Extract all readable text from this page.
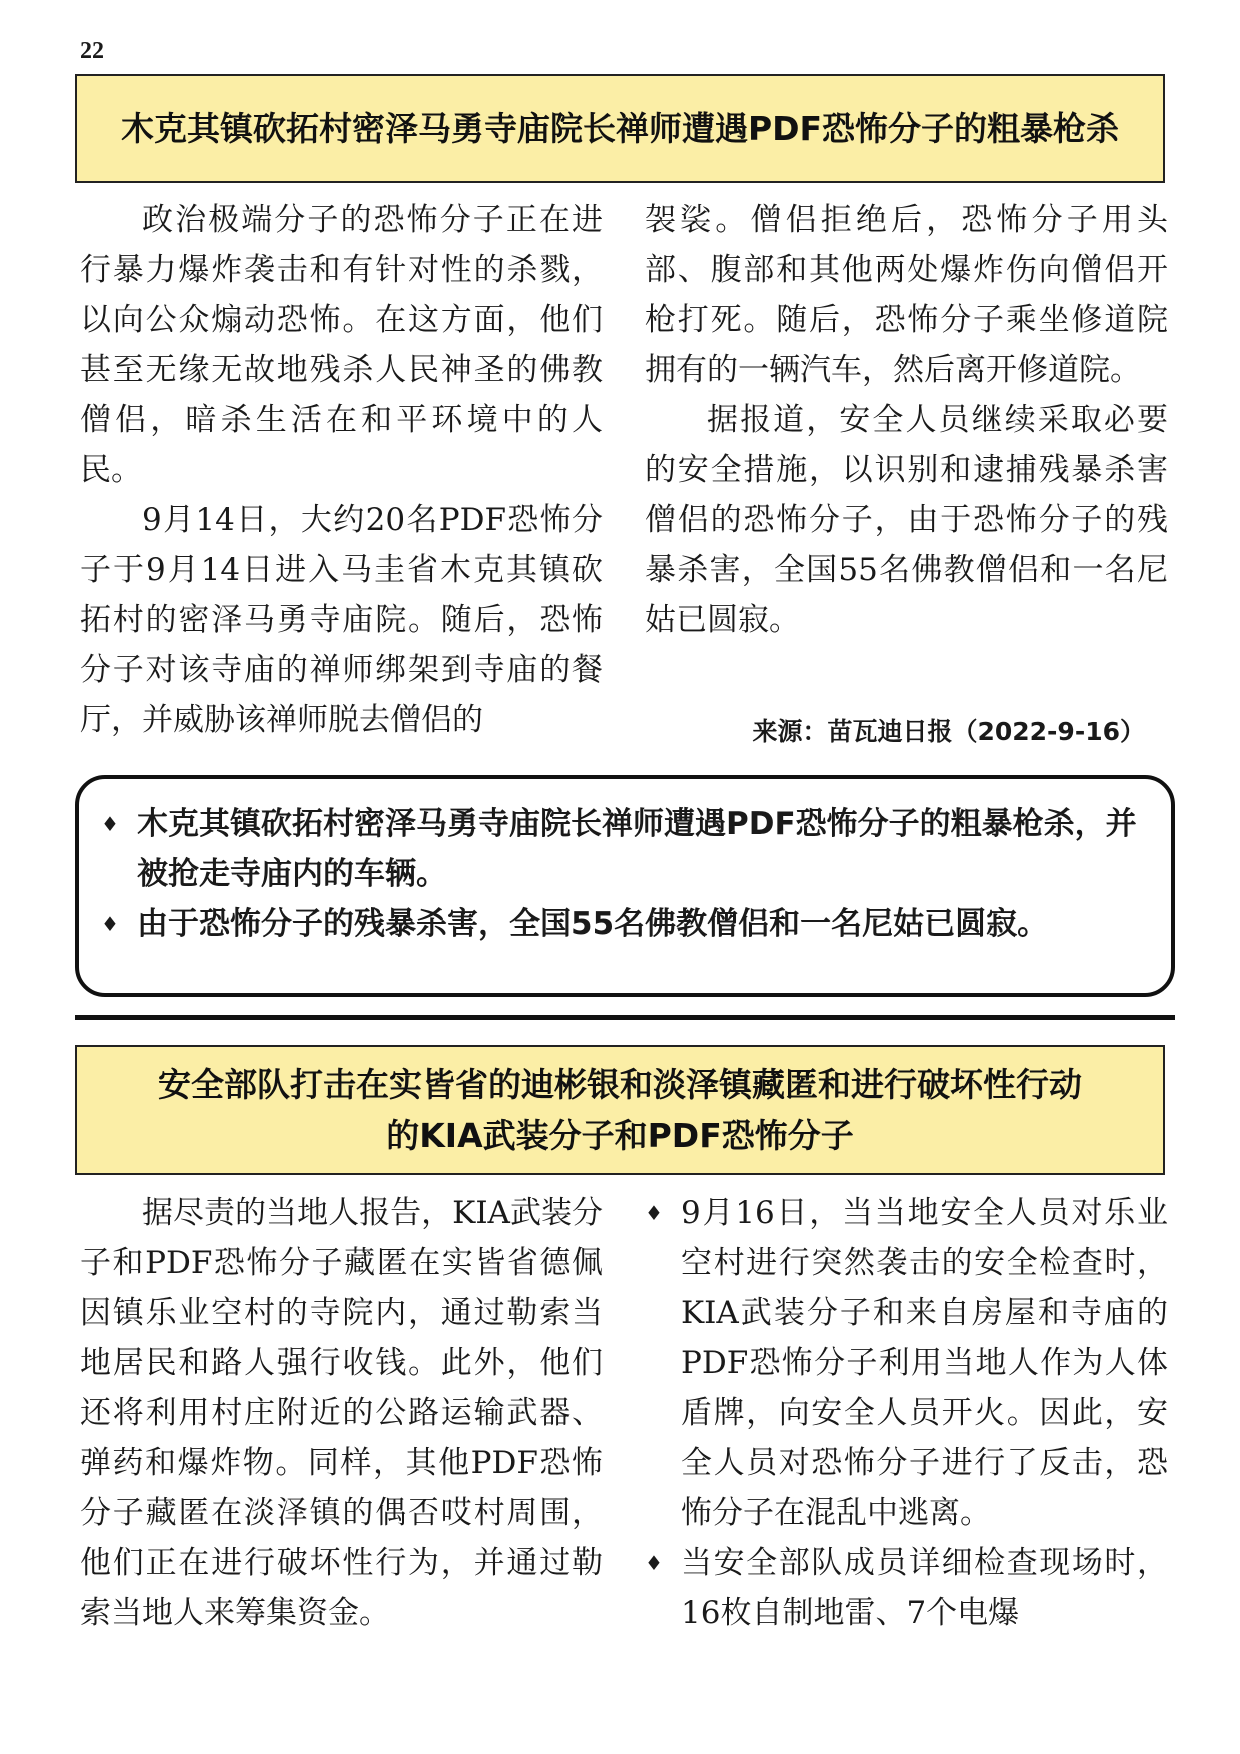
22
木克其镇砍拓村密泽马勇寺庙院长禅师遭遇PDF恐怖分子的粗暴枪杀

政治极端分子的恐怖分子正在进行暴力爆炸袭击和有针对性的杀戮，以向公众煽动恐怖。在这方面，他们甚至无缘无故地残杀人民神圣的佛教僧侣，暗杀生活在和平环境中的人民。

9月14日，大约20名PDF恐怖分子于9月14日进入马圭省木克其镇砍拓村的密泽马勇寺庙院。随后，恐怖分子对该寺庙的禅师绑架到寺庙的餐厅，并威胁该禅师脱去僧侣的

袈裟。僧侣拒绝后，恐怖分子用头部、腹部和其他两处爆炸伤向僧侣开枪打死。随后，恐怖分子乘坐修道院拥有的一辆汽车，然后离开修道院。

据报道，安全人员继续采取必要的安全措施，以识别和逮捕残暴杀害僧侣的恐怖分子，由于恐怖分子的残暴杀害，全国55名佛教僧侣和一名尼姑已圆寂。

来源：苗瓦迪日报（2022-9-16）
♦ 木克其镇砍拓村密泽马勇寺庙院长禅师遭遇PDF恐怖分子的粗暴枪杀，并被抢走寺庙内的车辆。
♦ 由于恐怖分子的残暴杀害，全国55名佛教僧侣和一名尼姑已圆寂。
安全部队打击在实皆省的迪彬银和淡泽镇藏匿和进行破坏性行动
的KIA武装分子和PDF恐怖分子

据尽责的当地人报告，KIA武装分子和PDF恐怖分子藏匿在实皆省德佩因镇乐业空村的寺院内，通过勒索当地居民和路人强行收钱。此外，他们还将利用村庄附近的公路运输武器、弹药和爆炸物。同样，其他PDF恐怖分子藏匿在淡泽镇的偶否哎村周围，他们正在进行破坏性行为，并通过勒索当地人来筹集资金。

♦ 9月16日，当当地安全人员对乐业空村进行突然袭击的安全检查时，KIA武装分子和来自房屋和寺庙的PDF恐怖分子利用当地人作为人体盾牌，向安全人员开火。因此，安全人员对恐怖分子进行了反击，恐怖分子在混乱中逃离。
♦ 当安全部队成员详细检查现场时，16枚自制地雷、7个电爆
